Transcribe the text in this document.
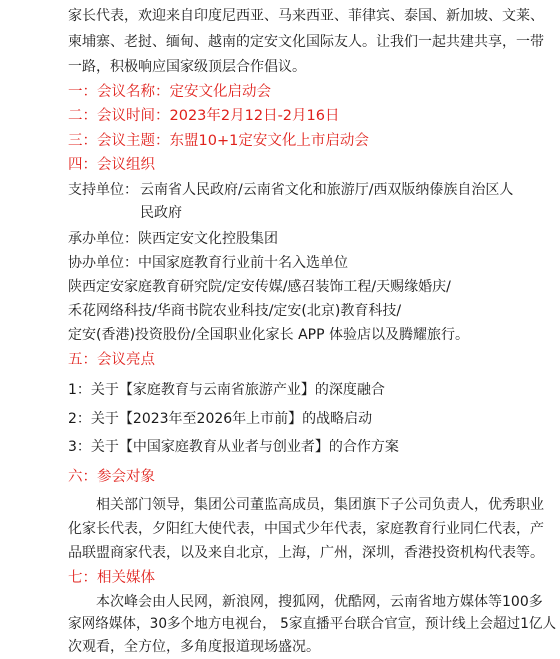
家长代表，欢迎来自印度尼西亚、马来西亚、菲律宾、泰国、新加坡、文莱、
柬埔寨、老挝、缅甸、越南的定安文化国际友人。让我们一起共建共享，一带
一路，积极响应国家级顶层合作倡议。
一：会议名称：定安文化启动会
二：会议时间：2023年2月12日-2月16日
三：会议主题：东盟10+1定安文化上市启动会
四：会议组织
支持单位： 云南省人民政府/云南省文化和旅游厅/西双版纳傣族自治区人
民政府
承办单位：陕西定安文化控股集团
协办单位：中国家庭教育行业前十名入选单位
陕西定安家庭教育研究院/定安传媒/感召装饰工程/天赐缘婚庆/
禾花网络科技/华商书院农业科技/定安(北京)教育科技/
定安(香港)投资股份/全国职业化家长 APP 体验店以及腾耀旅行。
五：会议亮点
1：关于【家庭教育与云南省旅游产业】的深度融合
2：关于【2023年至2026年上市前】的战略启动
3：关于【中国家庭教育从业者与创业者】的合作方案
六：参会对象
相关部门领导，集团公司董监高成员，集团旗下子公司负责人，优秀职业
化家长代表，夕阳红大使代表，中国式少年代表，家庭教育行业同仁代表，产
品联盟商家代表，以及来自北京，上海，广州，深圳，香港投资机构代表等。
七：相关媒体
本次峰会由人民网，新浪网，搜狐网，优酷网，云南省地方媒体等100多
家网络媒体，30多个地方电视台， 5家直播平台联合官宣，预计线上会超过1亿人
次观看，全方位，多角度报道现场盛况。
